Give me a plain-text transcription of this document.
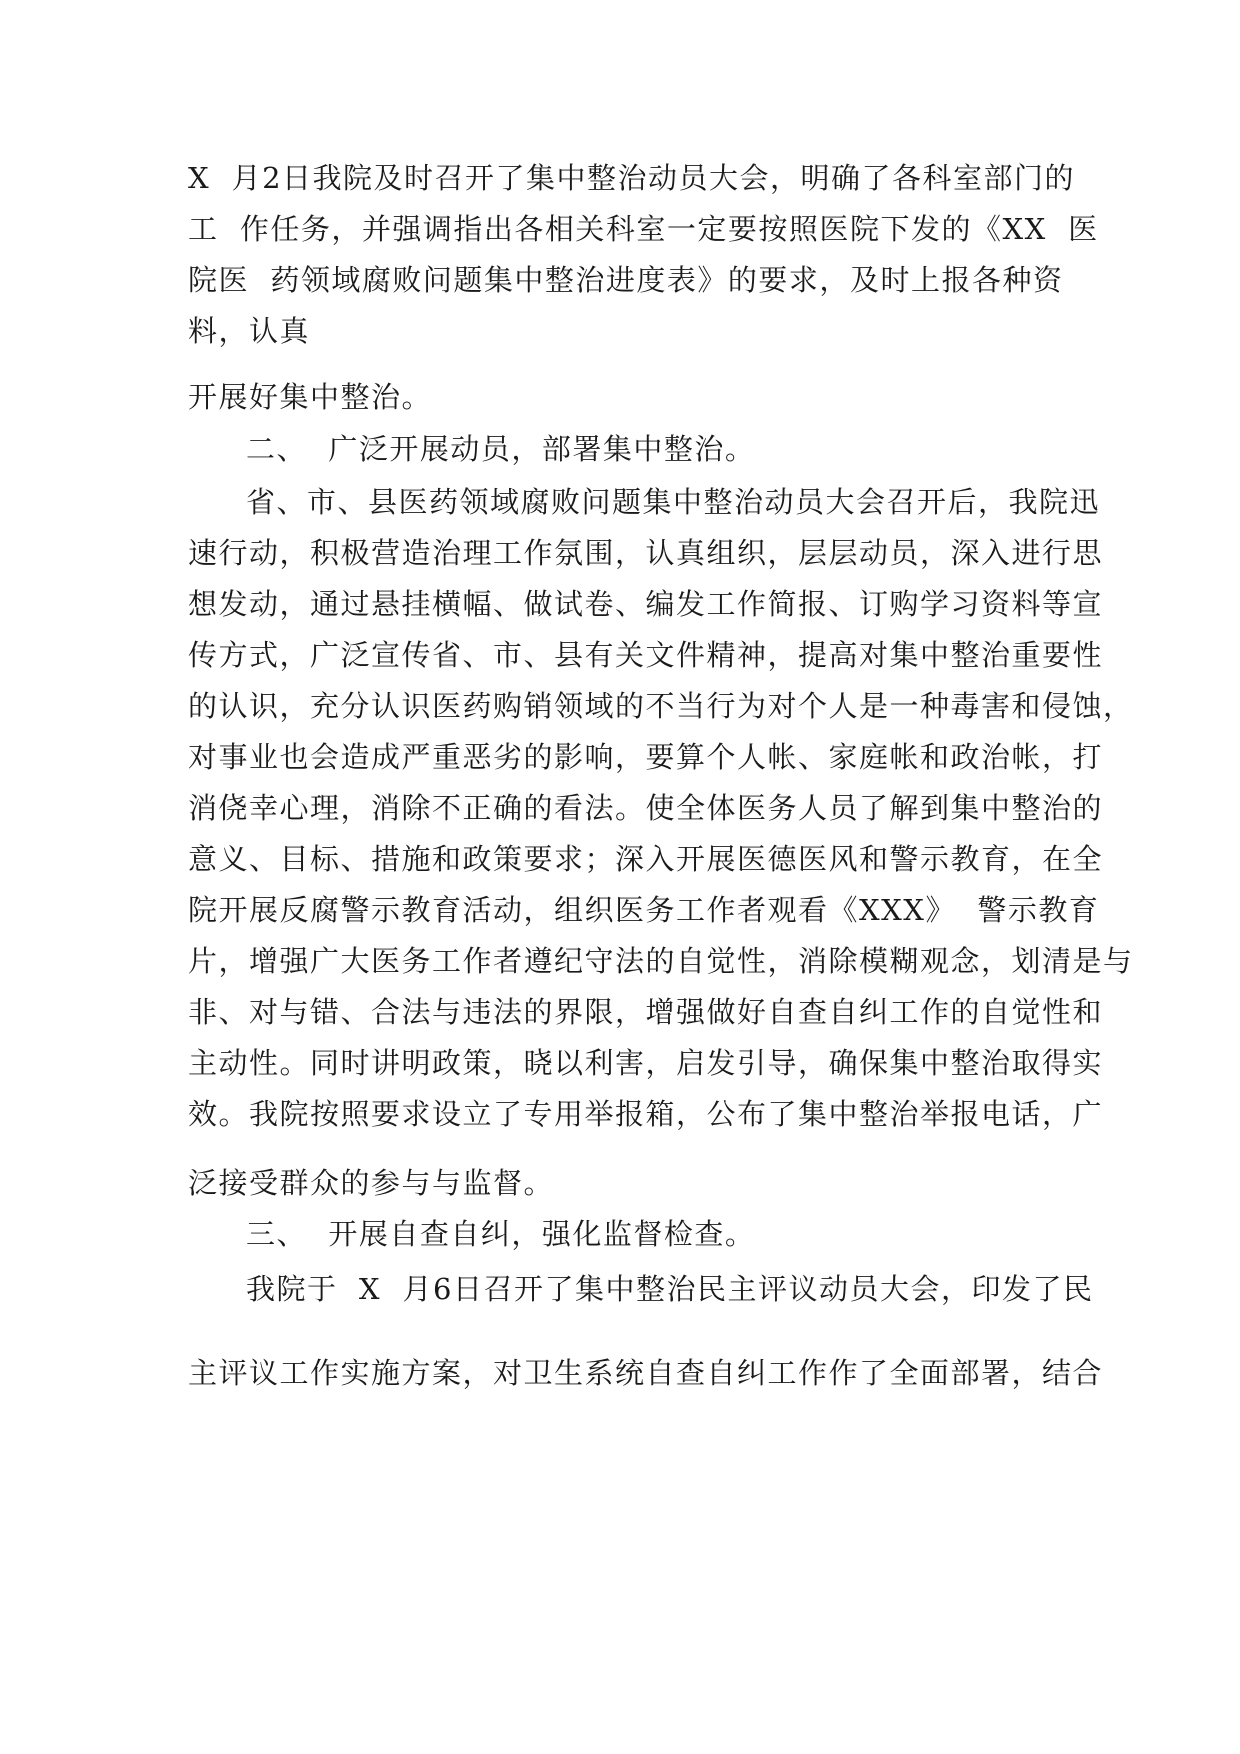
X  月2日我院及时召开了集中整治动员大会，明确了各科室部门的
工  作任务，并强调指出各相关科室一定要按照医院下发的《XX  医
院医  药领域腐败问题集中整治进度表》的要求，及时上报各种资
料，认真
开展好集中整治。
二、  广泛开展动员，部署集中整治。
省、市、县医药领域腐败问题集中整治动员大会召开后，我院迅
速行动，积极营造治理工作氛围，认真组织，层层动员，深入进行思
想发动，通过悬挂横幅、做试卷、编发工作简报、订购学习资料等宣
传方式，广泛宣传省、市、县有关文件精神，提高对集中整治重要性
的认识，充分认识医药购销领域的不当行为对个人是一种毒害和侵蚀，
对事业也会造成严重恶劣的影响，要算个人帐、家庭帐和政治帐，打
消侥幸心理，消除不正确的看法。使全体医务人员了解到集中整治的
意义、目标、措施和政策要求；深入开展医德医风和警示教育，在全
院开展反腐警示教育活动，组织医务工作者观看《XXX》  警示教育
片，增强广大医务工作者遵纪守法的自觉性，消除模糊观念，划清是与
非、对与错、合法与违法的界限，增强做好自查自纠工作的自觉性和
主动性。同时讲明政策，晓以利害，启发引导，确保集中整治取得实
效。我院按照要求设立了专用举报箱，公布了集中整治举报电话，广
泛接受群众的参与与监督。
三、  开展自查自纠，强化监督检查。
我院于  X  月6日召开了集中整治民主评议动员大会，印发了民
主评议工作实施方案，对卫生系统自查自纠工作作了全面部署，结合
